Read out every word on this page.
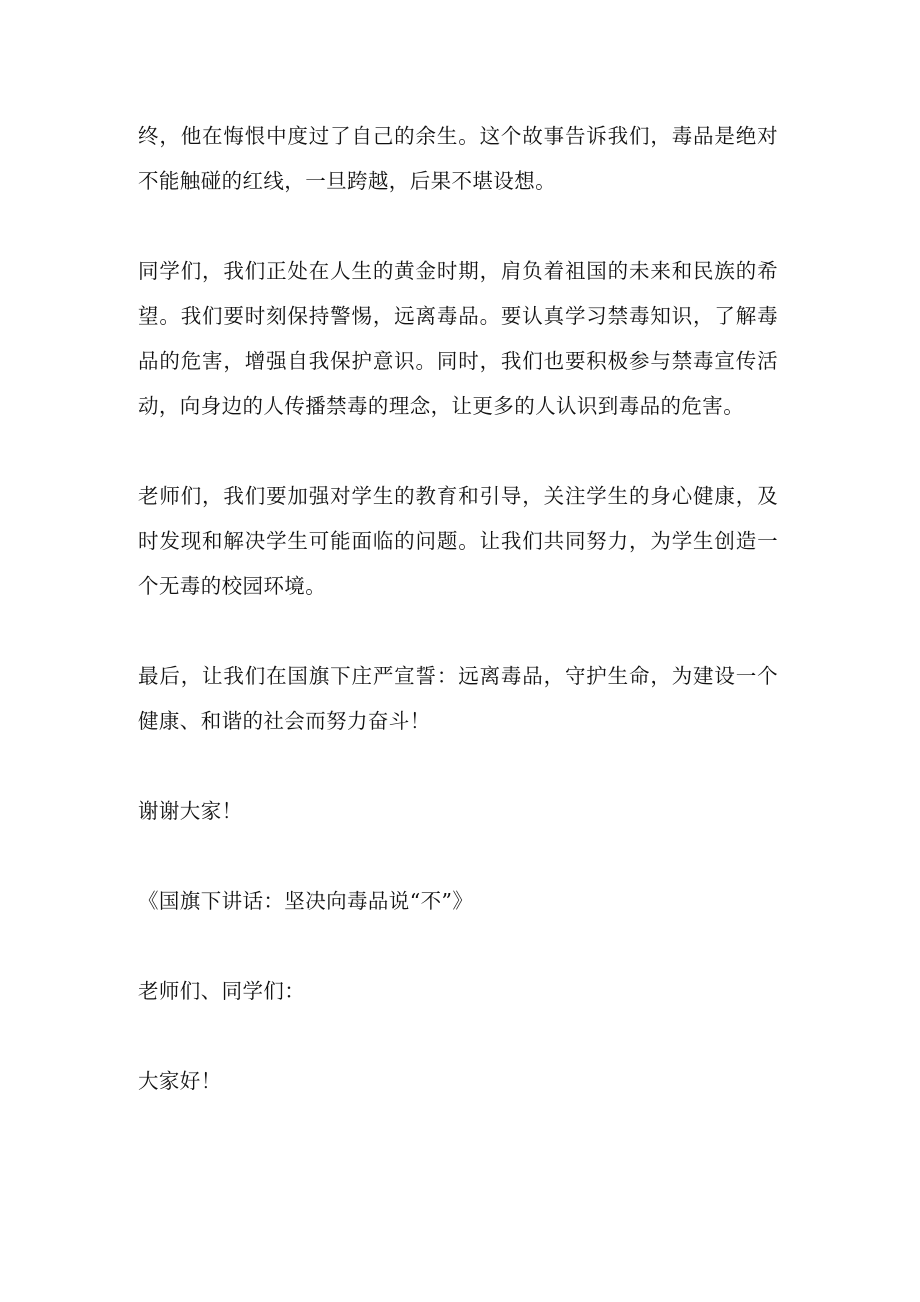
终，他在悔恨中度过了自己的余生。这个故事告诉我们，毒品是绝对不能触碰的红线，一旦跨越，后果不堪设想。

同学们，我们正处在人生的黄金时期，肩负着祖国的未来和民族的希望。我们要时刻保持警惕，远离毒品。要认真学习禁毒知识，了解毒品的危害，增强自我保护意识。同时，我们也要积极参与禁毒宣传活动，向身边的人传播禁毒的理念，让更多的人认识到毒品的危害。

老师们，我们要加强对学生的教育和引导，关注学生的身心健康，及时发现和解决学生可能面临的问题。让我们共同努力，为学生创造一个无毒的校园环境。

最后，让我们在国旗下庄严宣誓：远离毒品，守护生命，为建设一个健康、和谐的社会而努力奋斗！

谢谢大家！

《国旗下讲话：坚决向毒品说“不”》

老师们、同学们：

大家好！
